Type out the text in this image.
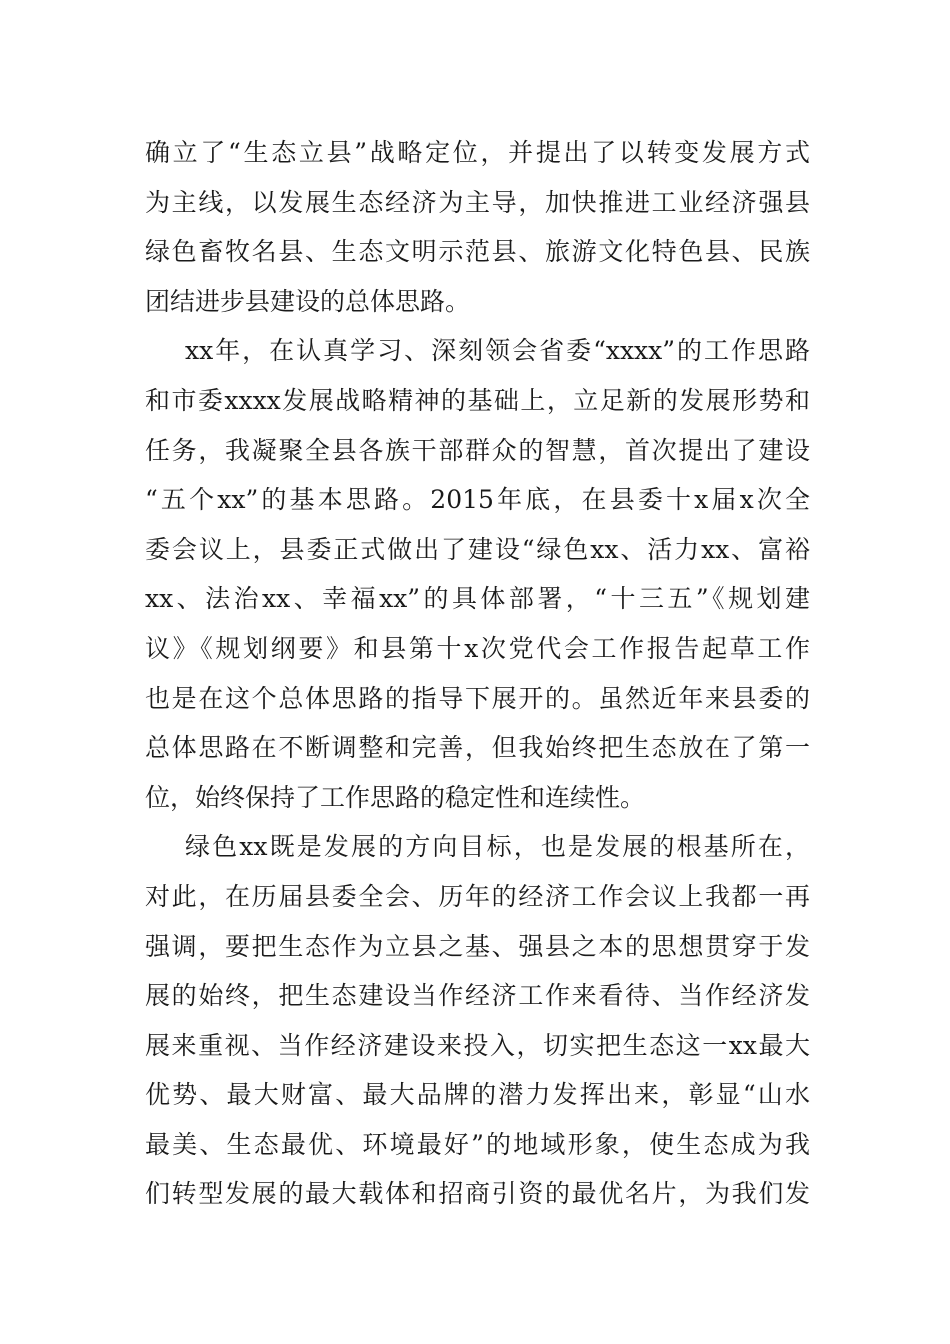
确立了“生态立县”战略定位，并提出了以转变发展方式
为主线，以发展生态经济为主导，加快推进工业经济强县
绿色畜牧名县、生态文明示范县、旅游文化特色县、民族
团结进步县建设的总体思路。
xx年，在认真学习、深刻领会省委“xxxx”的工作思路
和市委xxxx发展战略精神的基础上，立足新的发展形势和
任务，我凝聚全县各族干部群众的智慧，首次提出了建设
“五个xx”的基本思路。2015年底，在县委十x届x次全
委会议上，县委正式做出了建设“绿色xx、活力xx、富裕
xx、法治xx、幸福xx”的具体部署，“十三五”《规划建
议》《规划纲要》和县第十x次党代会工作报告起草工作
也是在这个总体思路的指导下展开的。虽然近年来县委的
总体思路在不断调整和完善，但我始终把生态放在了第一
位，始终保持了工作思路的稳定性和连续性。
绿色xx既是发展的方向目标，也是发展的根基所在，
对此，在历届县委全会、历年的经济工作会议上我都一再
强调，要把生态作为立县之基、强县之本的思想贯穿于发
展的始终，把生态建设当作经济工作来看待、当作经济发
展来重视、当作经济建设来投入，切实把生态这一xx最大
优势、最大财富、最大品牌的潜力发挥出来，彰显“山水
最美、生态最优、环境最好”的地域形象，使生态成为我
们转型发展的最大载体和招商引资的最优名片，为我们发
